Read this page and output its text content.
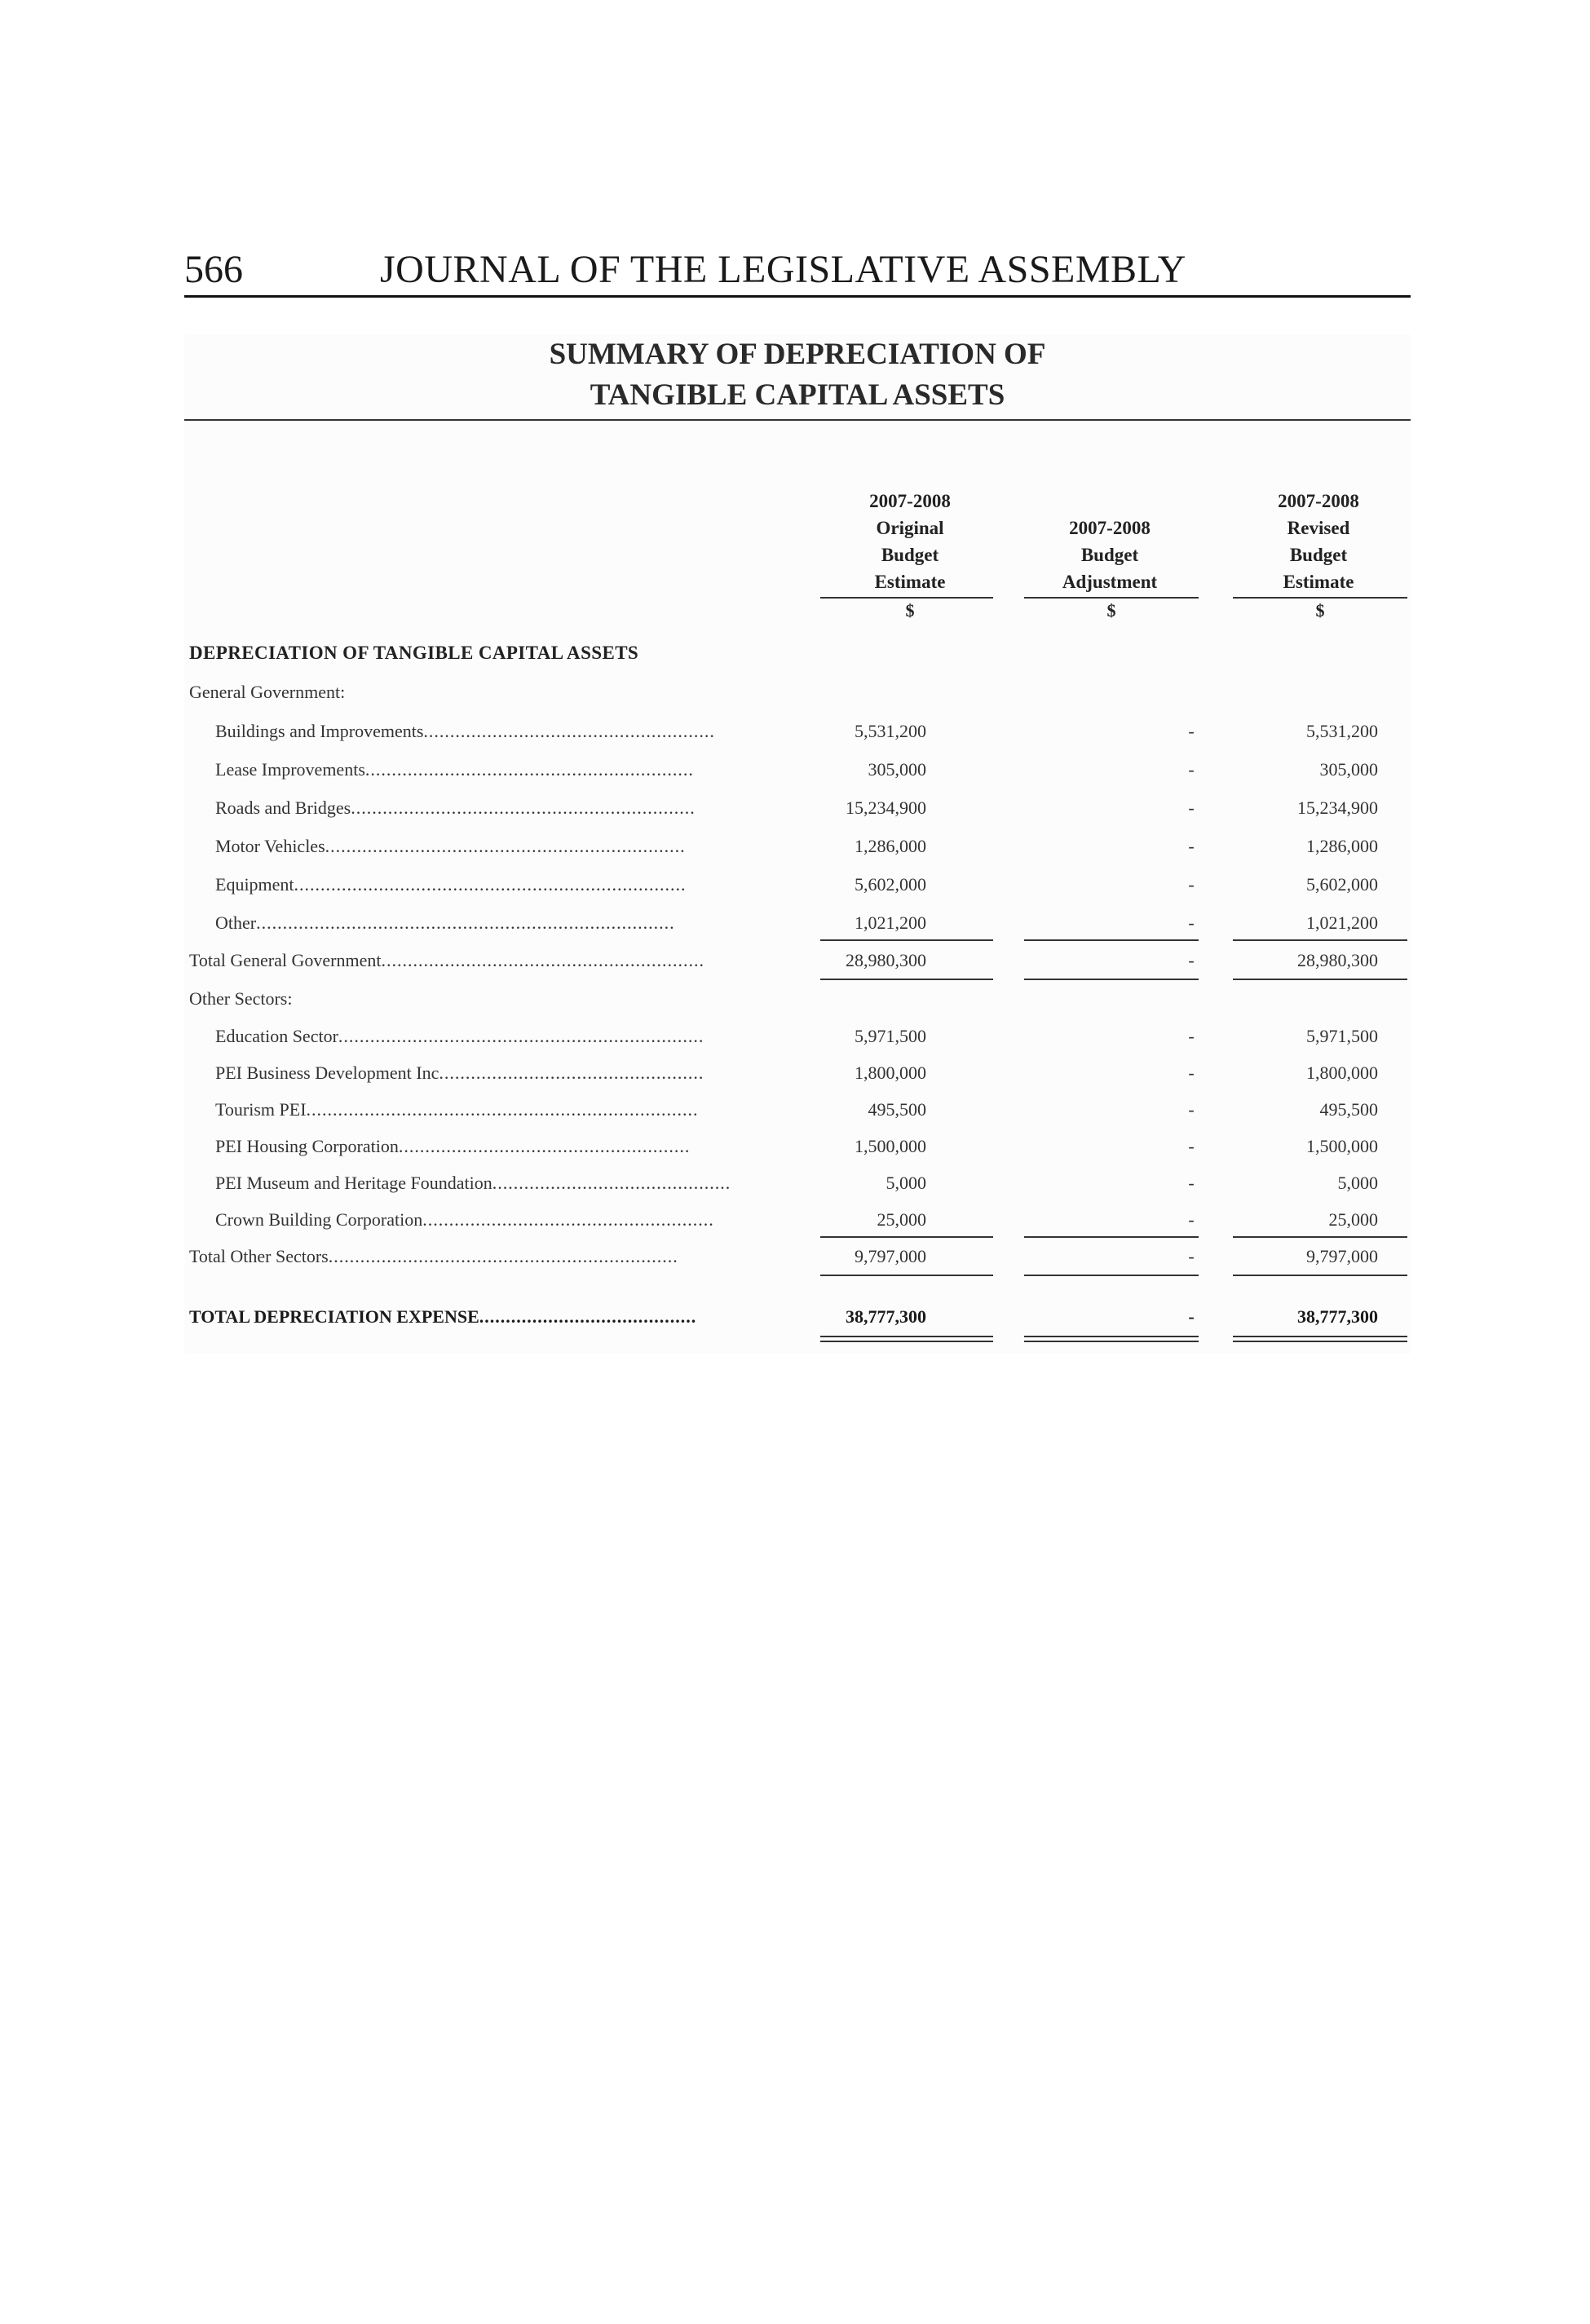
566	JOURNAL OF THE LEGISLATIVE ASSEMBLY
SUMMARY OF DEPRECIATION OF
TANGIBLE CAPITAL ASSETS
2007-2008
Original
Budget
Estimate
$
2007-2008
Budget
Adjustment
$
2007-2008
Revised
Budget
Estimate
$
DEPRECIATION OF TANGIBLE CAPITAL ASSETS
General Government:
Buildings and Improvements.......................................................	5,531,200	-	5,531,200
Lease Improvements..............................................................	305,000	-	305,000
Roads and Bridges.................................................................	15,234,900	-	15,234,900
Motor Vehicles....................................................................	1,286,000	-	1,286,000
Equipment..........................................................................	5,602,000	-	5,602,000
Other...............................................................................	1,021,200	-	1,021,200
Total General Government.............................................................	28,980,300	-	28,980,300
Other Sectors:
Education Sector.....................................................................	5,971,500	-	5,971,500
PEI Business Development Inc..................................................	1,800,000	-	1,800,000
Tourism PEI..........................................................................	495,500	-	495,500
PEI Housing Corporation.......................................................	1,500,000	-	1,500,000
PEI Museum and Heritage Foundation.............................................	5,000	-	5,000
Crown Building Corporation.......................................................	25,000	-	25,000
Total Other Sectors..................................................................	9,797,000	-	9,797,000
TOTAL DEPRECIATION EXPENSE.........................................	38,777,300	-	38,777,300
